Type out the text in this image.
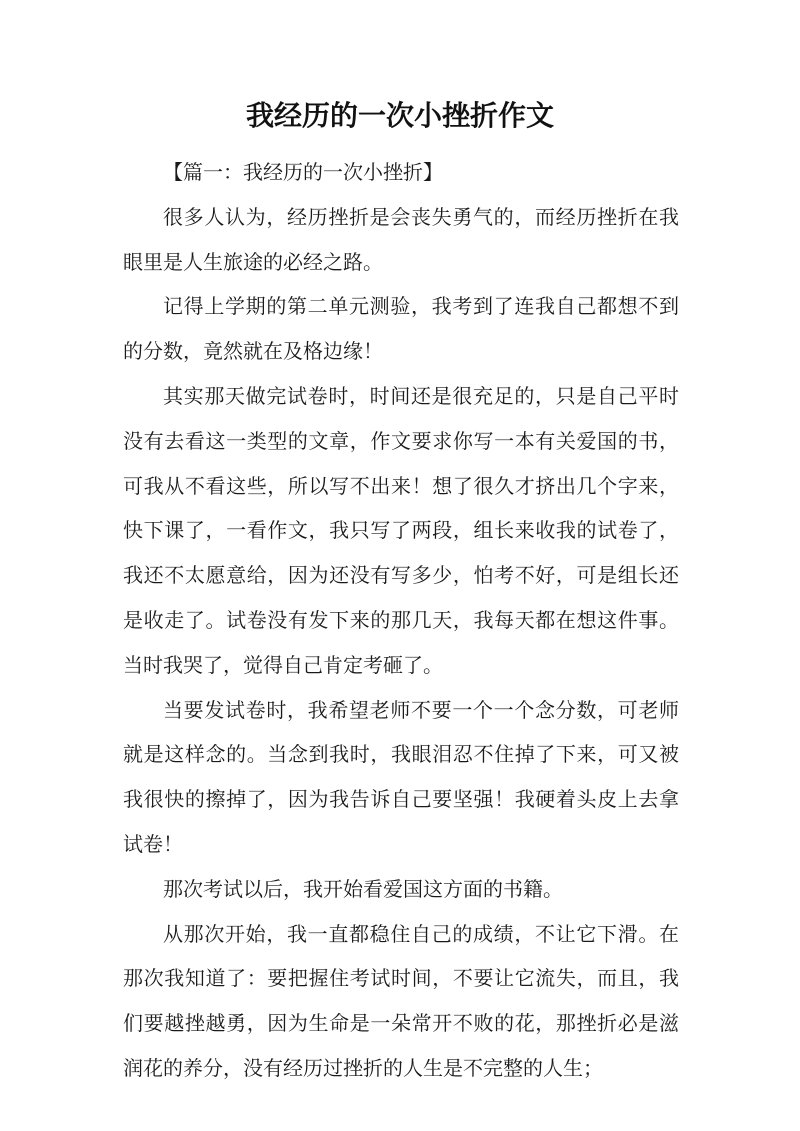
我经历的一次小挫折作文

【篇一：我经历的一次小挫折】

很多人认为，经历挫折是会丧失勇气的，而经历挫折在我眼里是人生旅途的必经之路。

记得上学期的第二单元测验，我考到了连我自己都想不到的分数，竟然就在及格边缘！

其实那天做完试卷时，时间还是很充足的，只是自己平时没有去看这一类型的文章，作文要求你写一本有关爱国的书，可我从不看这些，所以写不出来！想了很久才挤出几个字来，快下课了，一看作文，我只写了两段，组长来收我的试卷了，我还不太愿意给，因为还没有写多少，怕考不好，可是组长还是收走了。试卷没有发下来的那几天，我每天都在想这件事。当时我哭了，觉得自己肯定考砸了。

当要发试卷时，我希望老师不要一个一个念分数，可老师就是这样念的。当念到我时，我眼泪忍不住掉了下来，可又被我很快的擦掉了，因为我告诉自己要坚强！我硬着头皮上去拿试卷！

那次考试以后，我开始看爱国这方面的书籍。

从那次开始，我一直都稳住自己的成绩，不让它下滑。在那次我知道了：要把握住考试时间，不要让它流失，而且，我们要越挫越勇，因为生命是一朵常开不败的花，那挫折必是滋润花的养分，没有经历过挫折的人生是不完整的人生；
